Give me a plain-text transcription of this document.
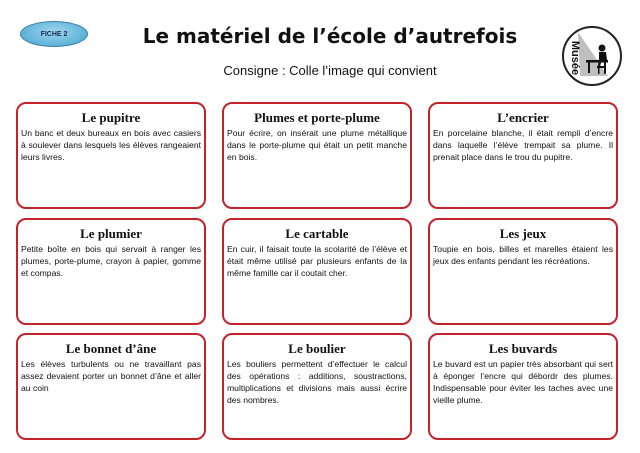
FICHE 2	Le matériel de l’école d’autrefois
Consigne : Colle l’image qui convient	Musée
Le pupitre

Un banc et deux bureaux en bois avec casiers à soulever dans lesquels les élèves rangeaient leurs livres.

Plumes et porte-plume

Pour écrire, on insérait une plume métallique dans le porte-plume qui était un petit manche en bois.

L’encrier

En porcelaine blanche, il était rempli d’encre dans laquelle l’élève trempait sa plume. Il prenait place dans le trou du pupitre.

Le plumier

Petite boîte en bois qui servait à ranger les plumes, porte-plume, crayon à papier, gomme et compas.

Le cartable

En cuir, il faisait toute la scolarité de l’élève et était même utilisé par plusieurs enfants de la même famille car il coutait cher.

Les jeux

Toupie en bois, billes et marelles étaient les jeux des enfants pendant les récréations.

Le bonnet d’âne

Les élèves turbulents ou ne travaillant pas assez devaient porter un bonnet d’âne et aller au coin

Le boulier

Les bouliers permettent d’effectuer le calcul des opérations : additions, soustractions, multiplications et divisions mais aussi écrire des nombres.

Les buvards

Le buvard est un papier très absorbant qui sert à éponger l’encre qui débordr des plumes. Indispensable pour éviter les taches avec une vieille plume.
